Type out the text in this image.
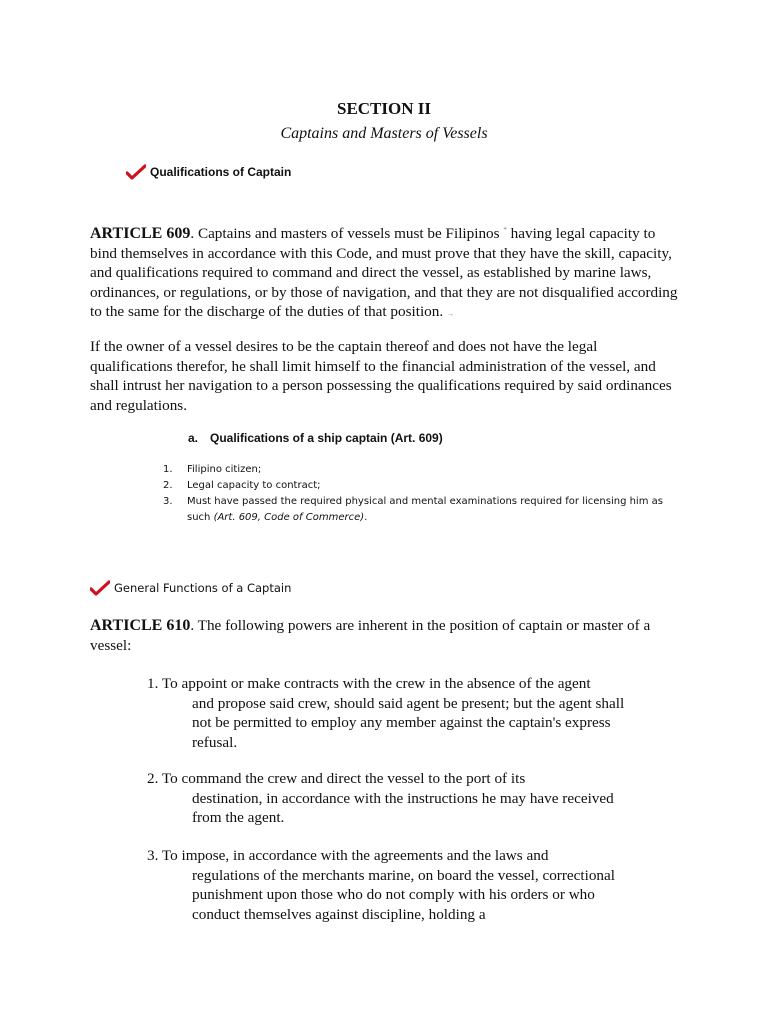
SECTION II
Captains and Masters of Vessels
Qualifications of Captain
ARTICLE 609. Captains and masters of vessels must be Filipinos * having legal capacity to bind themselves in accordance with this Code, and must prove that they have the skill, capacity, and qualifications required to command and direct the vessel, as established by marine laws, ordinances, or regulations, or by those of navigation, and that they are not disqualified according to the same for the discharge of the duties of that position. →
If the owner of a vessel desires to be the captain thereof and does not have the legal qualifications therefor, he shall limit himself to the financial administration of the vessel, and shall intrust her navigation to a person possessing the qualifications required by said ordinances and regulations.
a. Qualifications of a ship captain (Art. 609)
1.	Filipino citizen;
2.	Legal capacity to contract;
3.	Must have passed the required physical and mental examinations required for licensing him as such (Art. 609, Code of Commerce).
General Functions of a Captain
ARTICLE 610. The following powers are inherent in the position of captain or master of a vessel:
1. To appoint or make contracts with the crew in the absence of the agent
and propose said crew, should said agent be present; but the agent shall not be permitted to employ any member against the captain's express refusal.
2. To command the crew and direct the vessel to the port of its
destination, in accordance with the instructions he may have received from the agent.
3. To impose, in accordance with the agreements and the laws and
regulations of the merchants marine, on board the vessel, correctional punishment upon those who do not comply with his orders or who conduct themselves against discipline, holding a
